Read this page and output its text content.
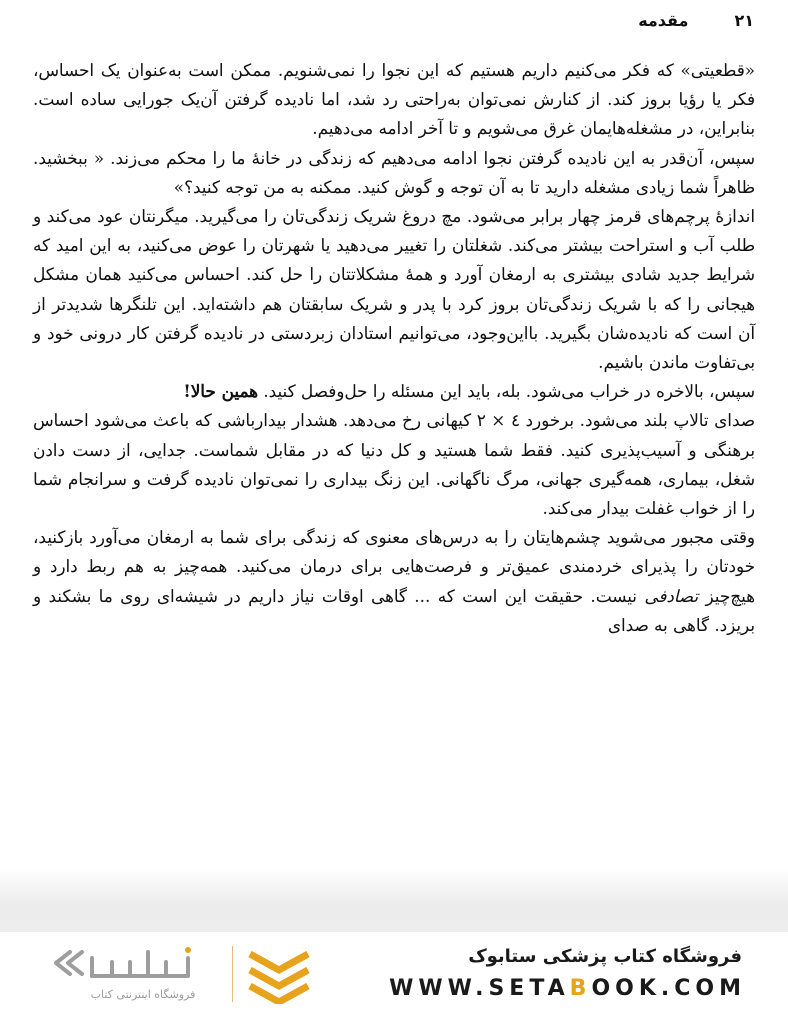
۲۱
مقدمه

«قطعیتی» که فکر می‌کنیم داریم هستیم که این نجوا را نمی‌شنویم. ممکن است به‌عنوان یک احساس، فکر یا رؤیا بروز کند. از کنارش نمی‌توان به‌راحتی رد شد، اما نادیده گرفتن آن‌یک جورایی ساده است. بنابراین، در مشغله‌هایمان غرق می‌شویم و تا آخر ادامه می‌دهیم.

سپس، آن‌قدر به این نادیده گرفتن نجوا ادامه می‌دهیم که زندگی در خانهٔ ما را محکم می‌زند. « ببخشید. ظاهراً شما زیادی مشغله دارید تا به آن توجه و گوش کنید. ممکنه به من توجه کنید؟»

اندازهٔ پرچم‌های قرمز چهار برابر می‌شود. مچ دروغ شریک زندگی‌تان را می‌گیرید. میگرنتان عود می‌کند و طلب آب و استراحت بیشتر می‌کند. شغلتان را تغییر می‌دهید یا شهرتان را عوض می‌کنید، به این امید که شرایط جدید شادی بیشتری به ارمغان آورد و همهٔ مشکلاتتان را حل کند. احساس می‌کنید همان مشکل هیجانی را که با شریک زندگی‌تان بروز کرد با پدر و شریک سابقتان هم داشته‌اید. این تلنگرها شدیدتر از آن است که نادیده‌شان بگیرید. بااین‌وجود، می‌توانیم استادان زبردستی در نادیده گرفتن کار درونی خود و بی‌تفاوت ماندن باشیم.

سپس، بالاخره در خراب می‌شود. بله، باید این مسئله را حل‌وفصل کنید. همین حالا!

صدای تالاپ بلند می‌شود. برخورد ٤ × ٢ کیهانی رخ می‌دهد. هشدار بیدارباشی که باعث می‌شود احساس برهنگی و آسیب‌پذیری کنید. فقط شما هستید و کل دنیا که در مقابل شماست. جدایی، از دست دادن شغل، بیماری، همه‌گیری جهانی، مرگ ناگهانی. این زنگ بیداری را نمی‌توان نادیده گرفت و سرانجام شما را از خواب غفلت بیدار می‌کند.

وقتی مجبور می‌شوید چشم‌هایتان را به درس‌های معنوی که زندگی برای شما به ارمغان می‌آورد بازکنید، خودتان را پذیرای خردمندی عمیق‌تر و فرصت‌هایی برای درمان می‌کنید. همه‌چیز به هم ربط دارد و هیچ‌چیز تصادفی نیست. حقیقت این است که ... گاهی اوقات نیاز داریم در شیشه‌ای روی ما بشکند و بریزد. گاهی به صدای

فروشگاه اینترنتی کتاب
فروشگاه کتاب پزشکی ستابوک
WWW.SETABOOK.COM
